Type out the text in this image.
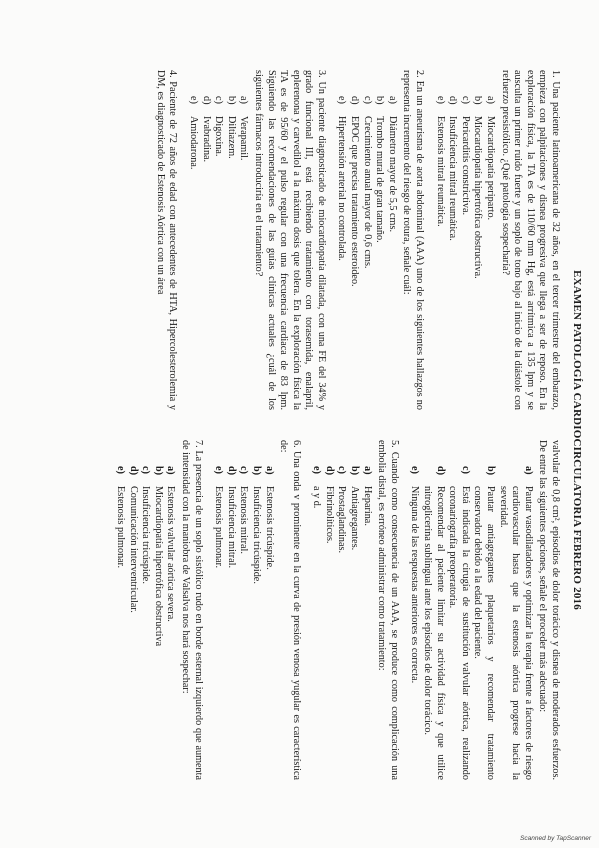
EXAMEN PATOLOGÍA CARDIOCIRCULATORIA FEBRERO 2016
1. Una paciente latinoamericana de 32 años, en el tercer trimestre del embarazo, empieza con palpitaciones y disnea progresiva que llega a ser de reposo. En la exploración física, la TA es de 110/60 mm Hg, está arrítmica a 135 lpm y se ausculta un primer ruido fuerte y un soplo de tono bajo al inicio de la diástole con refuerzo presistólico. ¿Qué patología sospecharía?
a)
Miocardiopatía periparto.
b)
Miocardiopatía hipertrófica obstructiva.
c)
Pericarditis constrictiva.
d)
Insuficiencia mitral reumática.
e)
Estenosis mitral reumática.
2. En un aneurisma de aorta abdominal (AAA) uno de los siguientes hallazgos no representa incremento del riesgo de rotura, señale cuál:
a)
Diámetro mayor de 5,5 cms.
b)
Trombo mural de gran tamaño.
c)
Crecimiento anual mayor de 0,6 cms.
d)
EPOC que precisa tratamiento esteroideo.
e)
Hipertensión arterial no controlada.
3. Un paciente diagnosticado de miocardiopatía dilatada, con una FE del 34% y grado funcional III, está recibiendo tratamiento con torasemida, enalapril, eplerenona y carvedilol a la máxima dosis que tolera. En la exploración física la TA es de 95/60 y el pulso regular con una frecuencia cardiaca de 83 lpm. Siguiendo las recomendaciones de las guías clínicas actuales ¿cuál de los siguientes fármacos introduciría en el tratamiento?
a)
Verapamil.
b)
Diltiazem.
c)
Digoxina.
d)
Ivabradina.
e)
Amiodarona.
4. Paciente de 72 años de edad con antecedentes de HTA, Hipercolesterolemia y DM, es diagnosticado de Estenosis Aórtica con un área
valvular de 0,8 cm², episodios de dolor torácico y disnea de moderados esfuerzos. De entre las siguientes opciones, señale el proceder más adecuado:
a)
Pautar vasodilatadores y optimizar la terapia frente a factores de riesgo cardiovascular hasta que la estenosis aórtica progrese hacia la severidad.
b)
Pautar antiagregantes plaquetarios y recomendar tratamiento conservador debido a la edad del paciente.
c)
Está indicada la cirugía de sustitución valvular aórtica, realizando coronariografía preoperatoria.
d)
Recomendar al paciente limitar su actividad física y que utilice nitroglicerina sublingual ante los episodios de dolor torácico.
e)
Ninguna de las respuestas anteriores es correcta.
5. Cuando como consecuencia de un AAA, se produce como complicación una embolia distal, es erróneo administrar como tratamiento:
a)
Heparina.
b)
Antiagregantes.
c)
Prostaglandinas.
d)
Fibrinolíticos.
e)
a y d.
6. Una onda v prominente en la curva de presión venosa yugular es característica de:
a)
Estenosis tricúspide.
b)
Insuficiencia tricúspide.
c)
Estenosis mitral.
d)
Insuficiencia mitral.
e)
Estenosis pulmonar.
7. La presencia de un soplo sistólico rudo en borde esternal izquierdo que aumenta de intensidad con la maniobra de Valsalva nos hará sospechar:
a)
Estenosis valvular aórtica severa.
b)
Miocardiopatía hipertrófica obstructiva
c)
Insuficiencia tricúspide.
d)
Comunicación interventricular.
e)
Estenosis pulmonar.
Scanned by TapScanner
